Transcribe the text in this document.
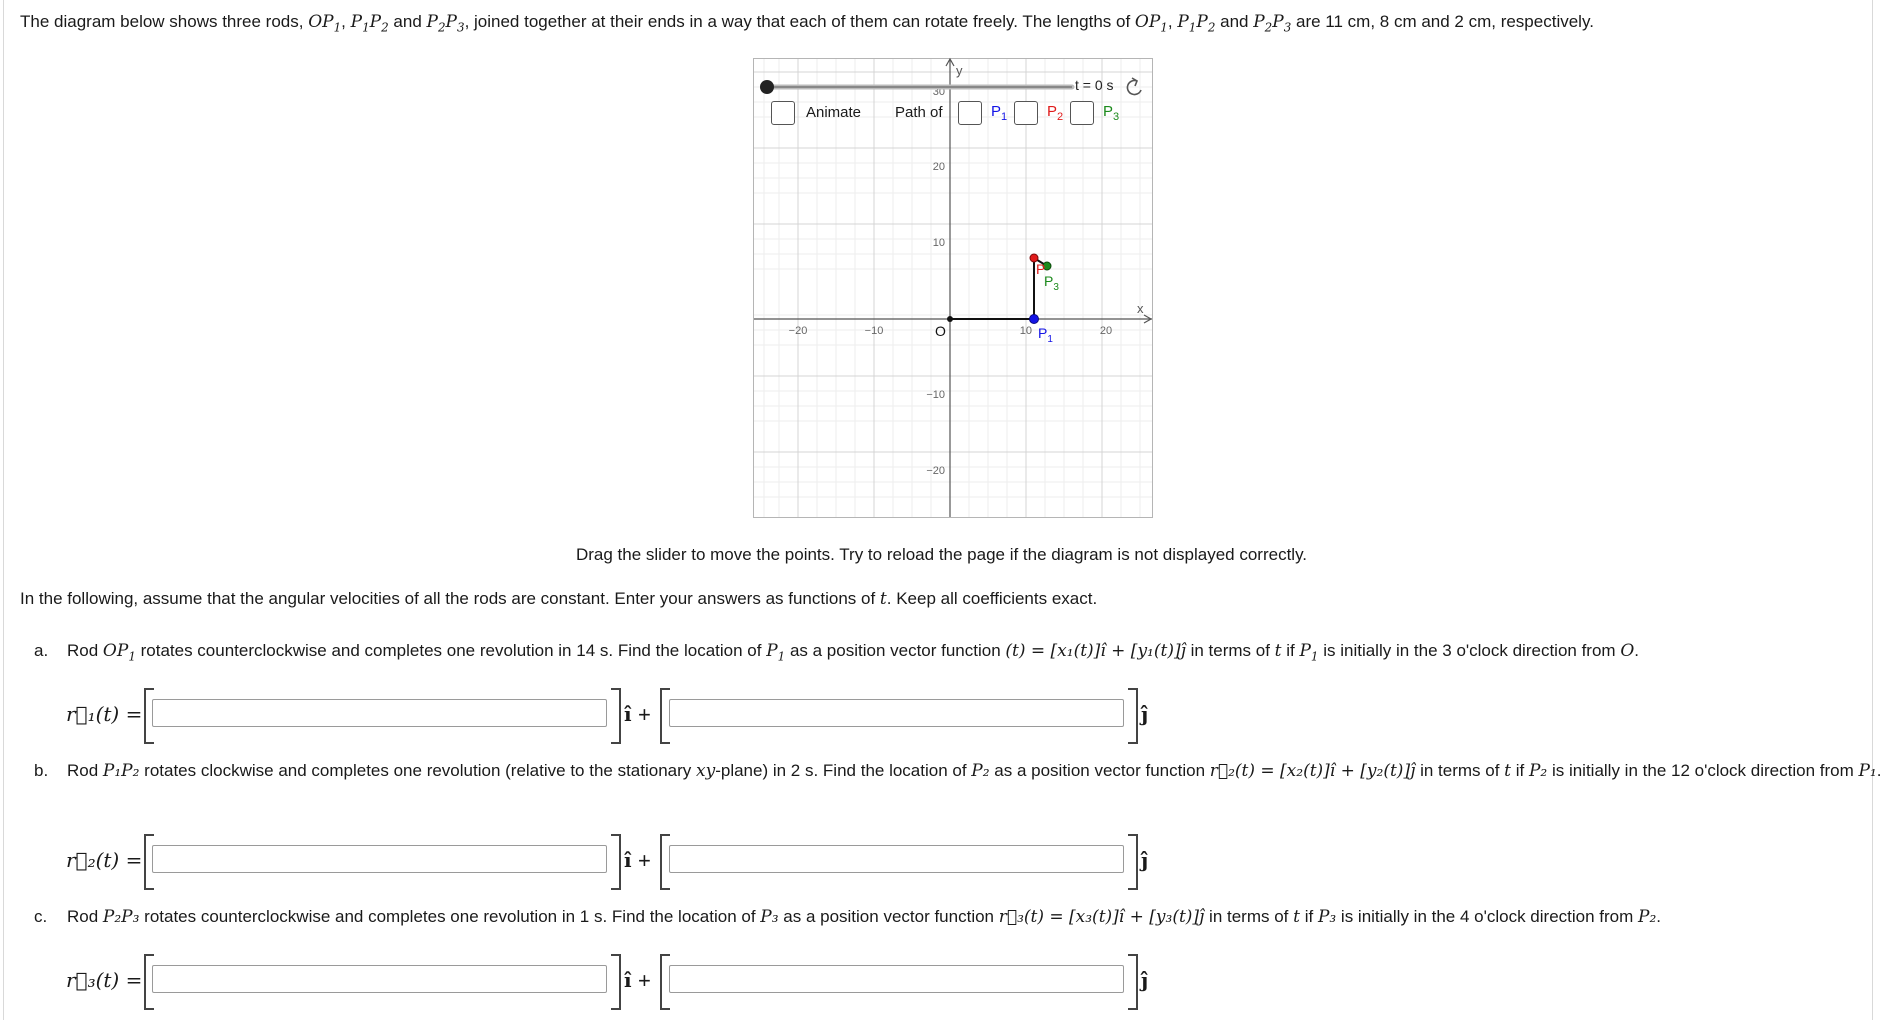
The diagram below shows three rods, $OP_1$, $P_1P_2$ and $P_2P_3$, joined together at their ends in a way that each of them can rotate freely. The lengths of $OP_1$, $P_1P_2$ and $P_2P_3$ are 11 cm, 8 cm and 2 cm, respectively.
−20	−10	10	20
30
20
10
−10
−20
x
y
O	$P_1$
P
$P_3$
t = 0 s
Animate Path of	$P_1$	$P_2$	$P_3$
Drag the slider to move the points. Try to reload the page if the diagram is not displayed correctly.
In the following, assume that the angular velocities of all the rods are constant. Enter your answers as functions of t. Keep all coefficients exact.
a. Rod $OP_1$ rotates counterclockwise and completes one revolution in 14 s. Find the location of $P_1$ as a position vector function (t) = [x₁(t)]î + [y₁(t)]ĵ in terms of t if $P_1$ is initially in the 3 o'clock direction from O.
r⃗₁(t) =	î +	ĵ
b. Rod P₁P₂ rotates clockwise and completes one revolution (relative to the stationary xy-plane) in 2 s. Find the location of P₂ as a position vector function r⃗₂(t) = [x₂(t)]î + [y₂(t)]ĵ in terms of t if P₂ is initially in the 12 o'clock direction from P₁.
r⃗₂(t) =	î +	ĵ
c. Rod P₂P₃ rotates counterclockwise and completes one revolution in 1 s. Find the location of P₃ as a position vector function r⃗₃(t) = [x₃(t)]î + [y₃(t)]ĵ in terms of t if P₃ is initially in the 4 o'clock direction from P₂.
r⃗₃(t) =	î +	ĵ
